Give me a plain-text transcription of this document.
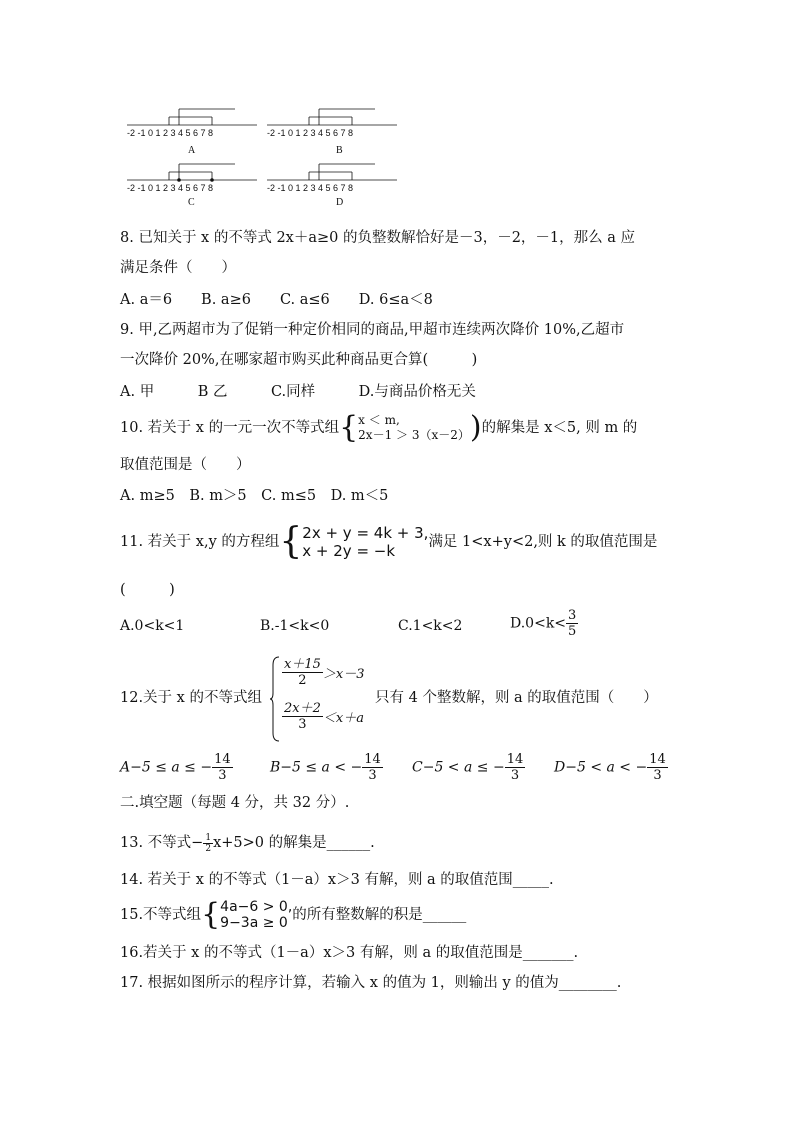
-2 -1 0 1 2 3 4 5 6 7 8
A
-2 -1 0 1 2 3 4 5 6 7 8
B
-2 -1 0 1 2 3 4 5 6 7 8
C
-2 -1 0 1 2 3 4 5 6 7 8
D
8. 已知关于 x 的不等式 2x＋a≥0 的负整数解恰好是－3，－2，－1，那么 a 应
满足条件（　　）
A. a＝6　　B. a≥6　　C. a≤6　　D. 6≤a＜8
9. 甲,乙两超市为了促销一种定价相同的商品,甲超市连续两次降价 10%,乙超市
一次降价 20%,在哪家超市购买此种商品更合算(　　　)
A. 甲　　　B 乙　　　C.同样　　　D.与商品价格无关
10. 若关于 x 的一元一次不等式组{ x ＜ m,
2x－1 ＞ 3（x－2） )的解集是 x＜5, 则 m 的
取值范围是（　　）
A. m≥5　B. m＞5　C. m≤5　D. m＜5
11. 若关于 x,y 的方程组{ 2x + y = 4k + 3,
x + 2y = −k	满足 1<x+y<2,则 k 的取值范围是
(　　　)
A.0<k<1	B.-1<k<0	C.1<k<2	$D.0<k< \frac{3}{5}$
12.关于 x 的不等式组
$\frac{x+15}{2} >x-3$
$\frac{2x+2}{3} <x+a$
只有 4 个整数解，则 a 的取值范围（　　）
A−5 ≤ a ≤ − $\frac{14}{3}$	B−5 ≤ a < − $\frac{14}{3} C-5 < a$ ≤ − $\frac{14}{3} D-5 < a$ < − $\frac{14}{3}$
二.填空题（每题 4 分，共 32 分）.
13. 不等式− $\frac{1}{2} x+5>0$ 的解集是______.
14. 若关于 x 的不等式（1－a）x＞3 有解，则 a 的取值范围_____.
15.不等式组{ 4a−6 > 0,
9−3a ≥ 0 的所有整数解的积是______
16.若关于 x 的不等式（1－a）x＞3 有解，则 a 的取值范围是_______.
17. 根据如图所示的程序计算，若输入 x 的值为 1，则输出 y 的值为________.
